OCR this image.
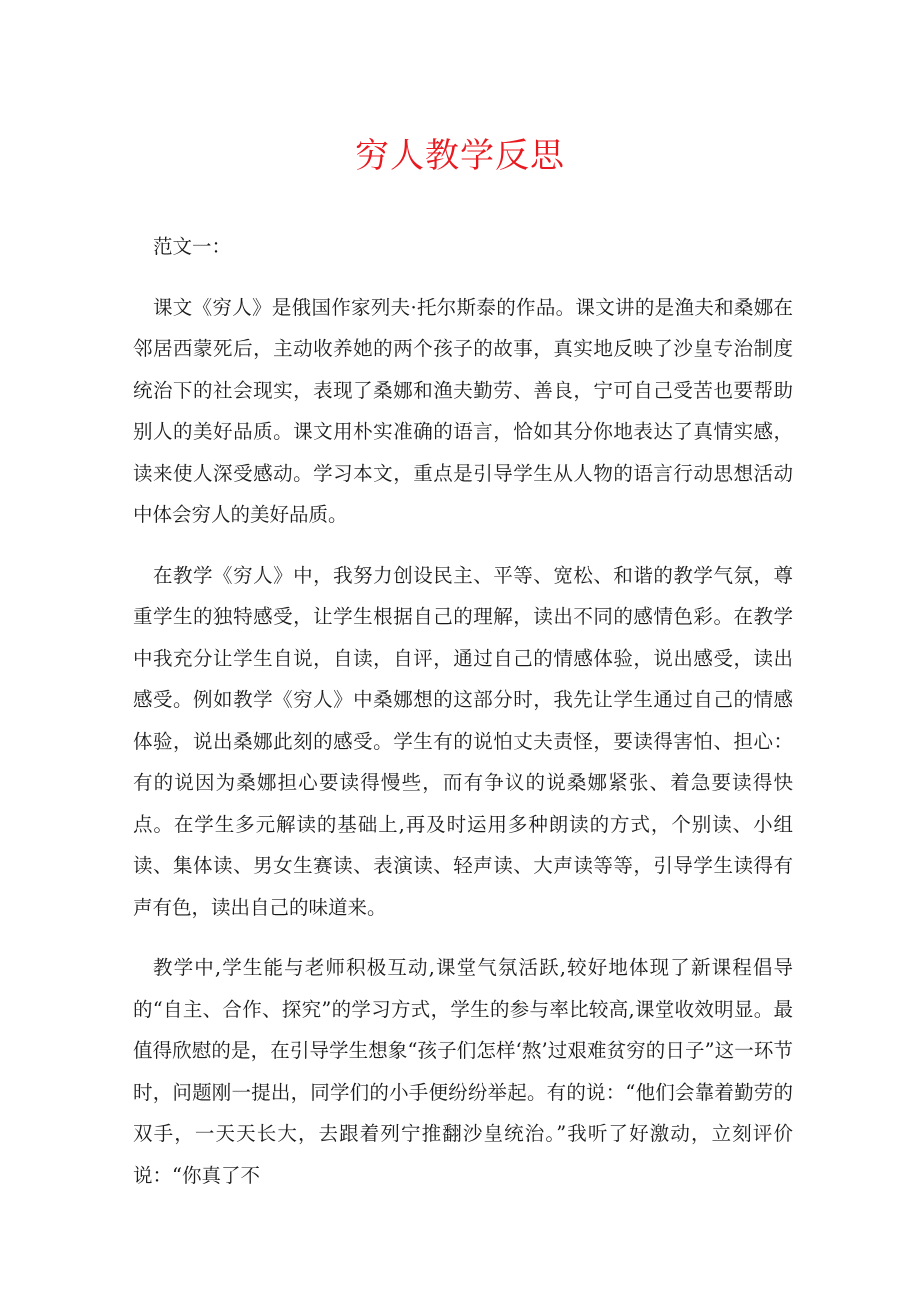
穷人教学反思

范文一：

课文《穷人》是俄国作家列夫·托尔斯泰的作品。课文讲的是渔夫和桑娜在邻居西蒙死后，主动收养她的两个孩子的故事，真实地反映了沙皇专治制度统治下的社会现实，表现了桑娜和渔夫勤劳、善良，宁可自己受苦也要帮助别人的美好品质。课文用朴实准确的语言，恰如其分你地表达了真情实感，读来使人深受感动。学习本文，重点是引导学生从人物的语言行动思想活动中体会穷人的美好品质。

在教学《穷人》中，我努力创设民主、平等、宽松、和谐的教学气氛，尊重学生的独特感受，让学生根据自己的理解，读出不同的感情色彩。在教学中我充分让学生自说，自读，自评，通过自己的情感体验，说出感受，读出感受。例如教学《穷人》中桑娜想的这部分时，我先让学生通过自己的情感体验，说出桑娜此刻的感受。学生有的说怕丈夫责怪，要读得害怕、担心：有的说因为桑娜担心要读得慢些，而有争议的说桑娜紧张、着急要读得快点。在学生多元解读的基础上,再及时运用多种朗读的方式，个别读、小组读、集体读、男女生赛读、表演读、轻声读、大声读等等，引导学生读得有声有色，读出自己的味道来。

教学中,学生能与老师积极互动,课堂气氛活跃,较好地体现了新课程倡导的“自主、合作、探究”的学习方式，学生的参与率比较高,课堂收效明显。最值得欣慰的是，在引导学生想象“孩子们怎样‘熬’过艰难贫穷的日子”这一环节时，问题刚一提出，同学们的小手便纷纷举起。有的说：“他们会靠着勤劳的双手，一天天长大，去跟着列宁推翻沙皇统治。”我听了好激动，立刻评价说：“你真了不
